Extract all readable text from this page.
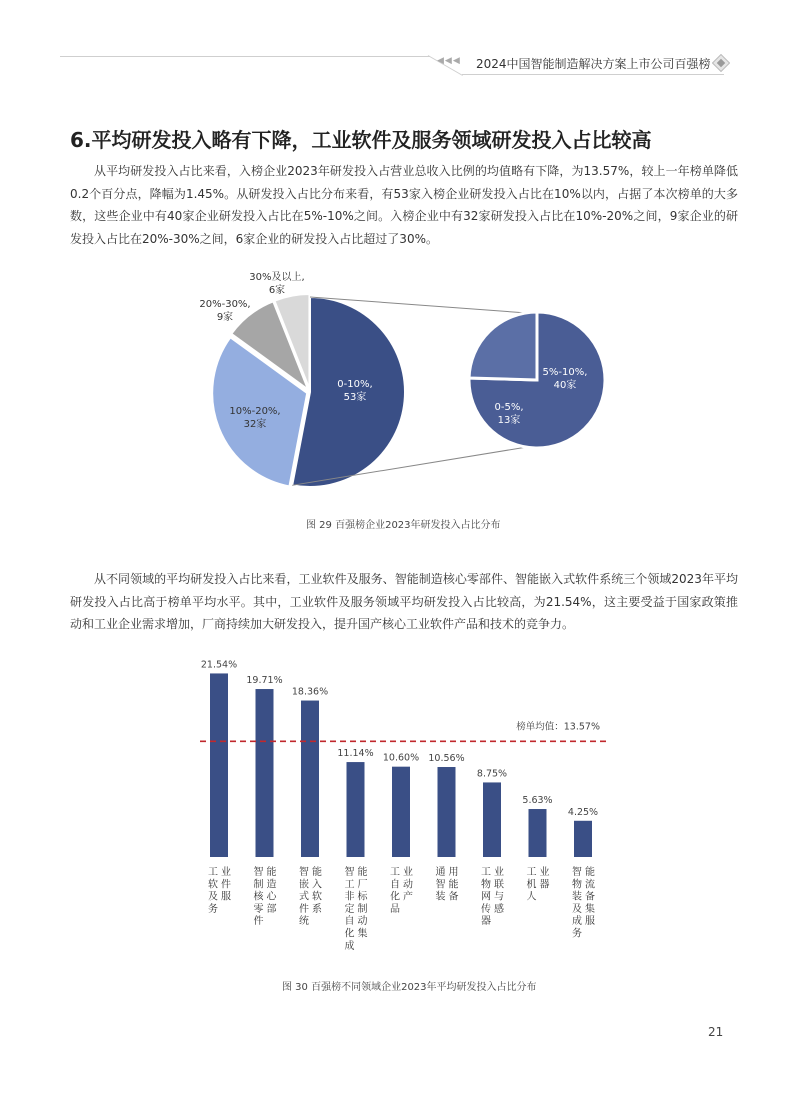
◀◀◀ 2024中国智能制造解决方案上市公司百强榜
6.平均研发投入略有下降，工业软件及服务领域研发投入占比较高
从平均研发投入占比来看，入榜企业2023年研发投入占营业总收入比例的均值略有下降，为13.57%，较上一年榜单降低0.2个百分点，降幅为1.45%。从研发投入占比分布来看，有53家入榜企业研发投入占比在10%以内，占据了本次榜单的大多数，这些企业中有40家企业研发投入占比在5%-10%之间。入榜企业中有32家研发投入占比在10%-20%之间，9家企业的研发投入占比在20%-30%之间，6家企业的研发投入占比超过了30%。
0-10%,
53家
10%-20%,
32家
20%-30%,
9家
30%及以上,
6家
5%-10%,
40家
0-5%,
13家
图 29 百强榜企业2023年研发投入占比分布
从不同领域的平均研发投入占比来看，工业软件及服务、智能制造核心零部件、智能嵌入式软件系统三个领域2023年平均研发投入占比高于榜单平均水平。其中，工业软件及服务领域平均研发投入占比较高，为21.54%，这主要受益于国家政策推动和工业企业需求增加，厂商持续加大研发投入，提升国产核心工业软件产品和技术的竞争力。
21.54%
工软及务
业件服
19.71%
智制核零件
能造心部
18.36%
智嵌式件统
能入软系
11.14%
智工非定自化成
能厂标制动集
10.60%
工自化品
业动产
10.56%
通智装
用能备
8.75%
工物网传器
业联与感
5.63%
工机人
业器
4.25%
智物装及成务
能流备集服
榜单均值：13.57%
图 30 百强榜不同领域企业2023年平均研发投入占比分布
21
